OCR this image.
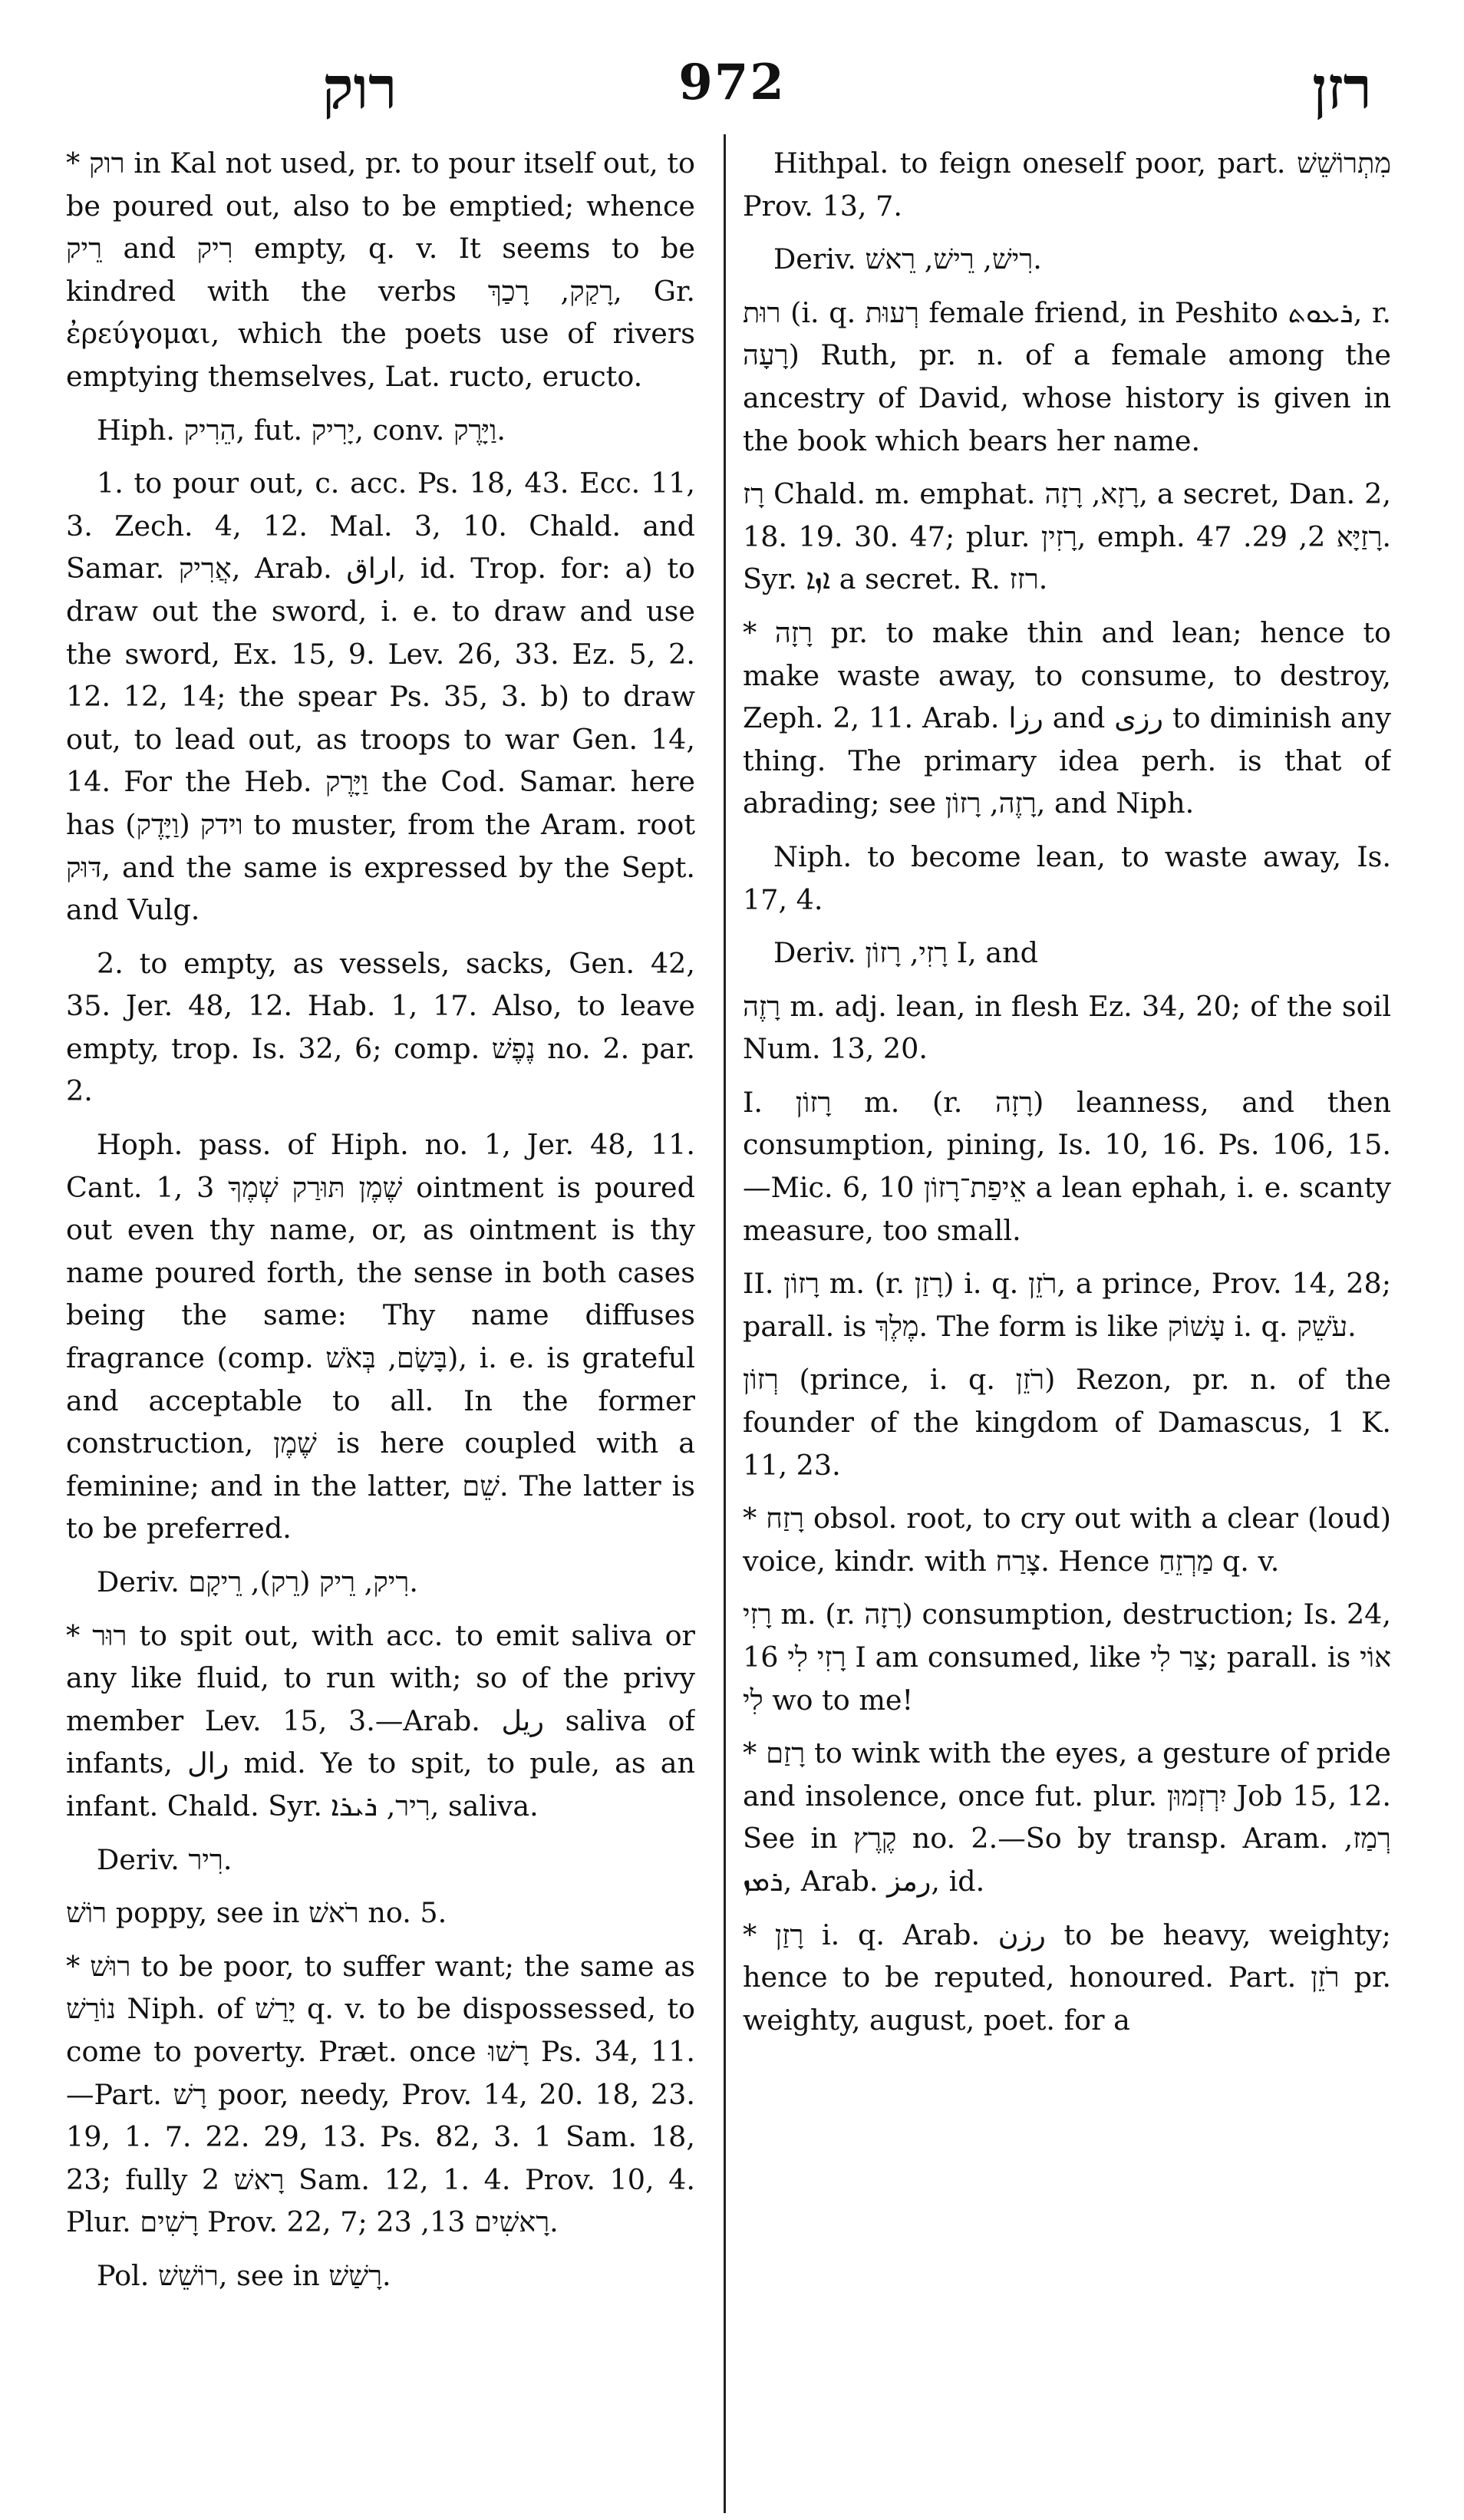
רוק	972	רזן

* רוק in Kal not used, pr. to pour itself out, to be poured out, also to be emptied; whence רֵיק and רִיק empty, q. v. It seems to be kindred with the verbs רָקַק, רָכַךְ, Gr. ἐρεύγομαι, which the poets use of rivers emptying themselves, Lat. ructo, eructo.

Hiph. הֵרִיק, fut. יָרִיק, conv. וַיָּרֶק.

1. to pour out, c. acc. Ps. 18, 43. Ecc. 11, 3. Zech. 4, 12. Mal. 3, 10. Chald. and Samar. אֲרִיק, Arab. اراق, id. Trop. for: a) to draw out the sword, i. e. to draw and use the sword, Ex. 15, 9. Lev. 26, 33. Ez. 5, 2. 12. 12, 14; the spear Ps. 35, 3. b) to draw out, to lead out, as troops to war Gen. 14, 14. For the Heb. וַיָּרֶק the Cod. Samar. here has וידק (וַיָּדֶק) to muster, from the Aram. root דּוּק, and the same is expressed by the Sept. and Vulg.

2. to empty, as vessels, sacks, Gen. 42, 35. Jer. 48, 12. Hab. 1, 17. Also, to leave empty, trop. Is. 32, 6; comp. נֶפֶשׁ no. 2. par. 2.

Hoph. pass. of Hiph. no. 1, Jer. 48, 11. Cant. 1, 3 שֶׁמֶן תּוּרַק שְׁמֶךָ ointment is poured out even thy name, or, as ointment is thy name poured forth, the sense in both cases being the same: Thy name diffuses fragrance (comp. בָּשָׂם, בְּאֹשׁ), i. e. is grateful and acceptable to all. In the former construction, שֶׁמֶן is here coupled with a feminine; and in the latter, שֵׁם. The latter is to be preferred.

Deriv. רִיק, רֵיק (רֵק), רֵיקָם.

* רוּר to spit out, with acc. to emit saliva or any like fluid, to run with; so of the privy member Lev. 15, 3.—Arab. ريل saliva of infants, رال mid. Ye to spit, to pule, as an infant. Chald. Syr. רִיר, ܪܝܪܐ, saliva.

Deriv. רִיר.

רוֹשׁ poppy, see in רֹאשׁ no. 5.

* רוּשׁ to be poor, to suffer want; the same as נוֹרַשׁ Niph. of יָרַשׁ q. v. to be dispossessed, to come to poverty. Præt. once רָשׁוּ Ps. 34, 11.—Part. רָשׁ poor, needy, Prov. 14, 20. 18, 23. 19, 1. 7. 22. 29, 13. Ps. 82, 3. 1 Sam. 18, 23; fully רָאשׁ 2 Sam. 12, 1. 4. Prov. 10, 4. Plur. רָשִׁים Prov. 22, 7; רָאשִׁים 13, 23.

Pol. רוֹשֵׁשׁ, see in רָשַׁשׁ.

Hithpal. to feign oneself poor, part. מִתְרוֹשֵׁשׁ Prov. 13, 7.

Deriv. רִישׁ, רֵישׁ, רֵאשׁ.

רוּת (i. q. רְעוּת female friend, in Peshito ܪܥܘܬ, r. רָעָה) Ruth, pr. n. of a female among the ancestry of David, whose history is given in the book which bears her name.

רָז Chald. m. emphat. רָזָא, רָזָה, a secret, Dan. 2, 18. 19. 30. 47; plur. רָזִין, emph. רָזַיָּא 2, 29. 47. Syr. ܐܙܐ a secret. R. רזז.

* רָזָה pr. to make thin and lean; hence to make waste away, to consume, to destroy, Zeph. 2, 11. Arab. رزا and رزى to diminish any thing. The primary idea perh. is that of abrading; see רָזֶה, רָזוֹן, and Niph.

Niph. to become lean, to waste away, Is. 17, 4.

Deriv. רָזִי, רָזוֹן I, and

רָזֶה m. adj. lean, in flesh Ez. 34, 20; of the soil Num. 13, 20.

I. רָזוֹן m. (r. רָזָה) leanness, and then consumption, pining, Is. 10, 16. Ps. 106, 15.—Mic. 6, 10 אֵיפַת־רָזוֹן a lean ephah, i. e. scanty measure, too small.

II. רָזוֹן m. (r. רָזַן) i. q. רֹזֵן, a prince, Prov. 14, 28; parall. is מֶלֶךְ. The form is like עָשׁוֹק i. q. עֹשֵׁק.

רְזוֹן (prince, i. q. רֹזֵן) Rezon, pr. n. of the founder of the kingdom of Damascus, 1 K. 11, 23.

* רָזַח obsol. root, to cry out with a clear (loud) voice, kindr. with צָרַח. Hence מַרְזֵחַ q. v.

רָזִי m. (r. רָזָה) consumption, destruction; Is. 24, 16 רָזִי לִי I am consumed, like צַר לִי; parall. is אוֹי לִי wo to me!

* רָזַם to wink with the eyes, a gesture of pride and insolence, once fut. plur. יִרְזְמוּן Job 15, 12. See in קֶרֶץ no. 2.—So by transp. Aram. רְמַז, ܪܡܙ, Arab. رمز, id.

* רָזַן i. q. Arab. رزن to be heavy, weighty; hence to be reputed, honoured. Part. רֹזֵן pr. weighty, august, poet. for a
